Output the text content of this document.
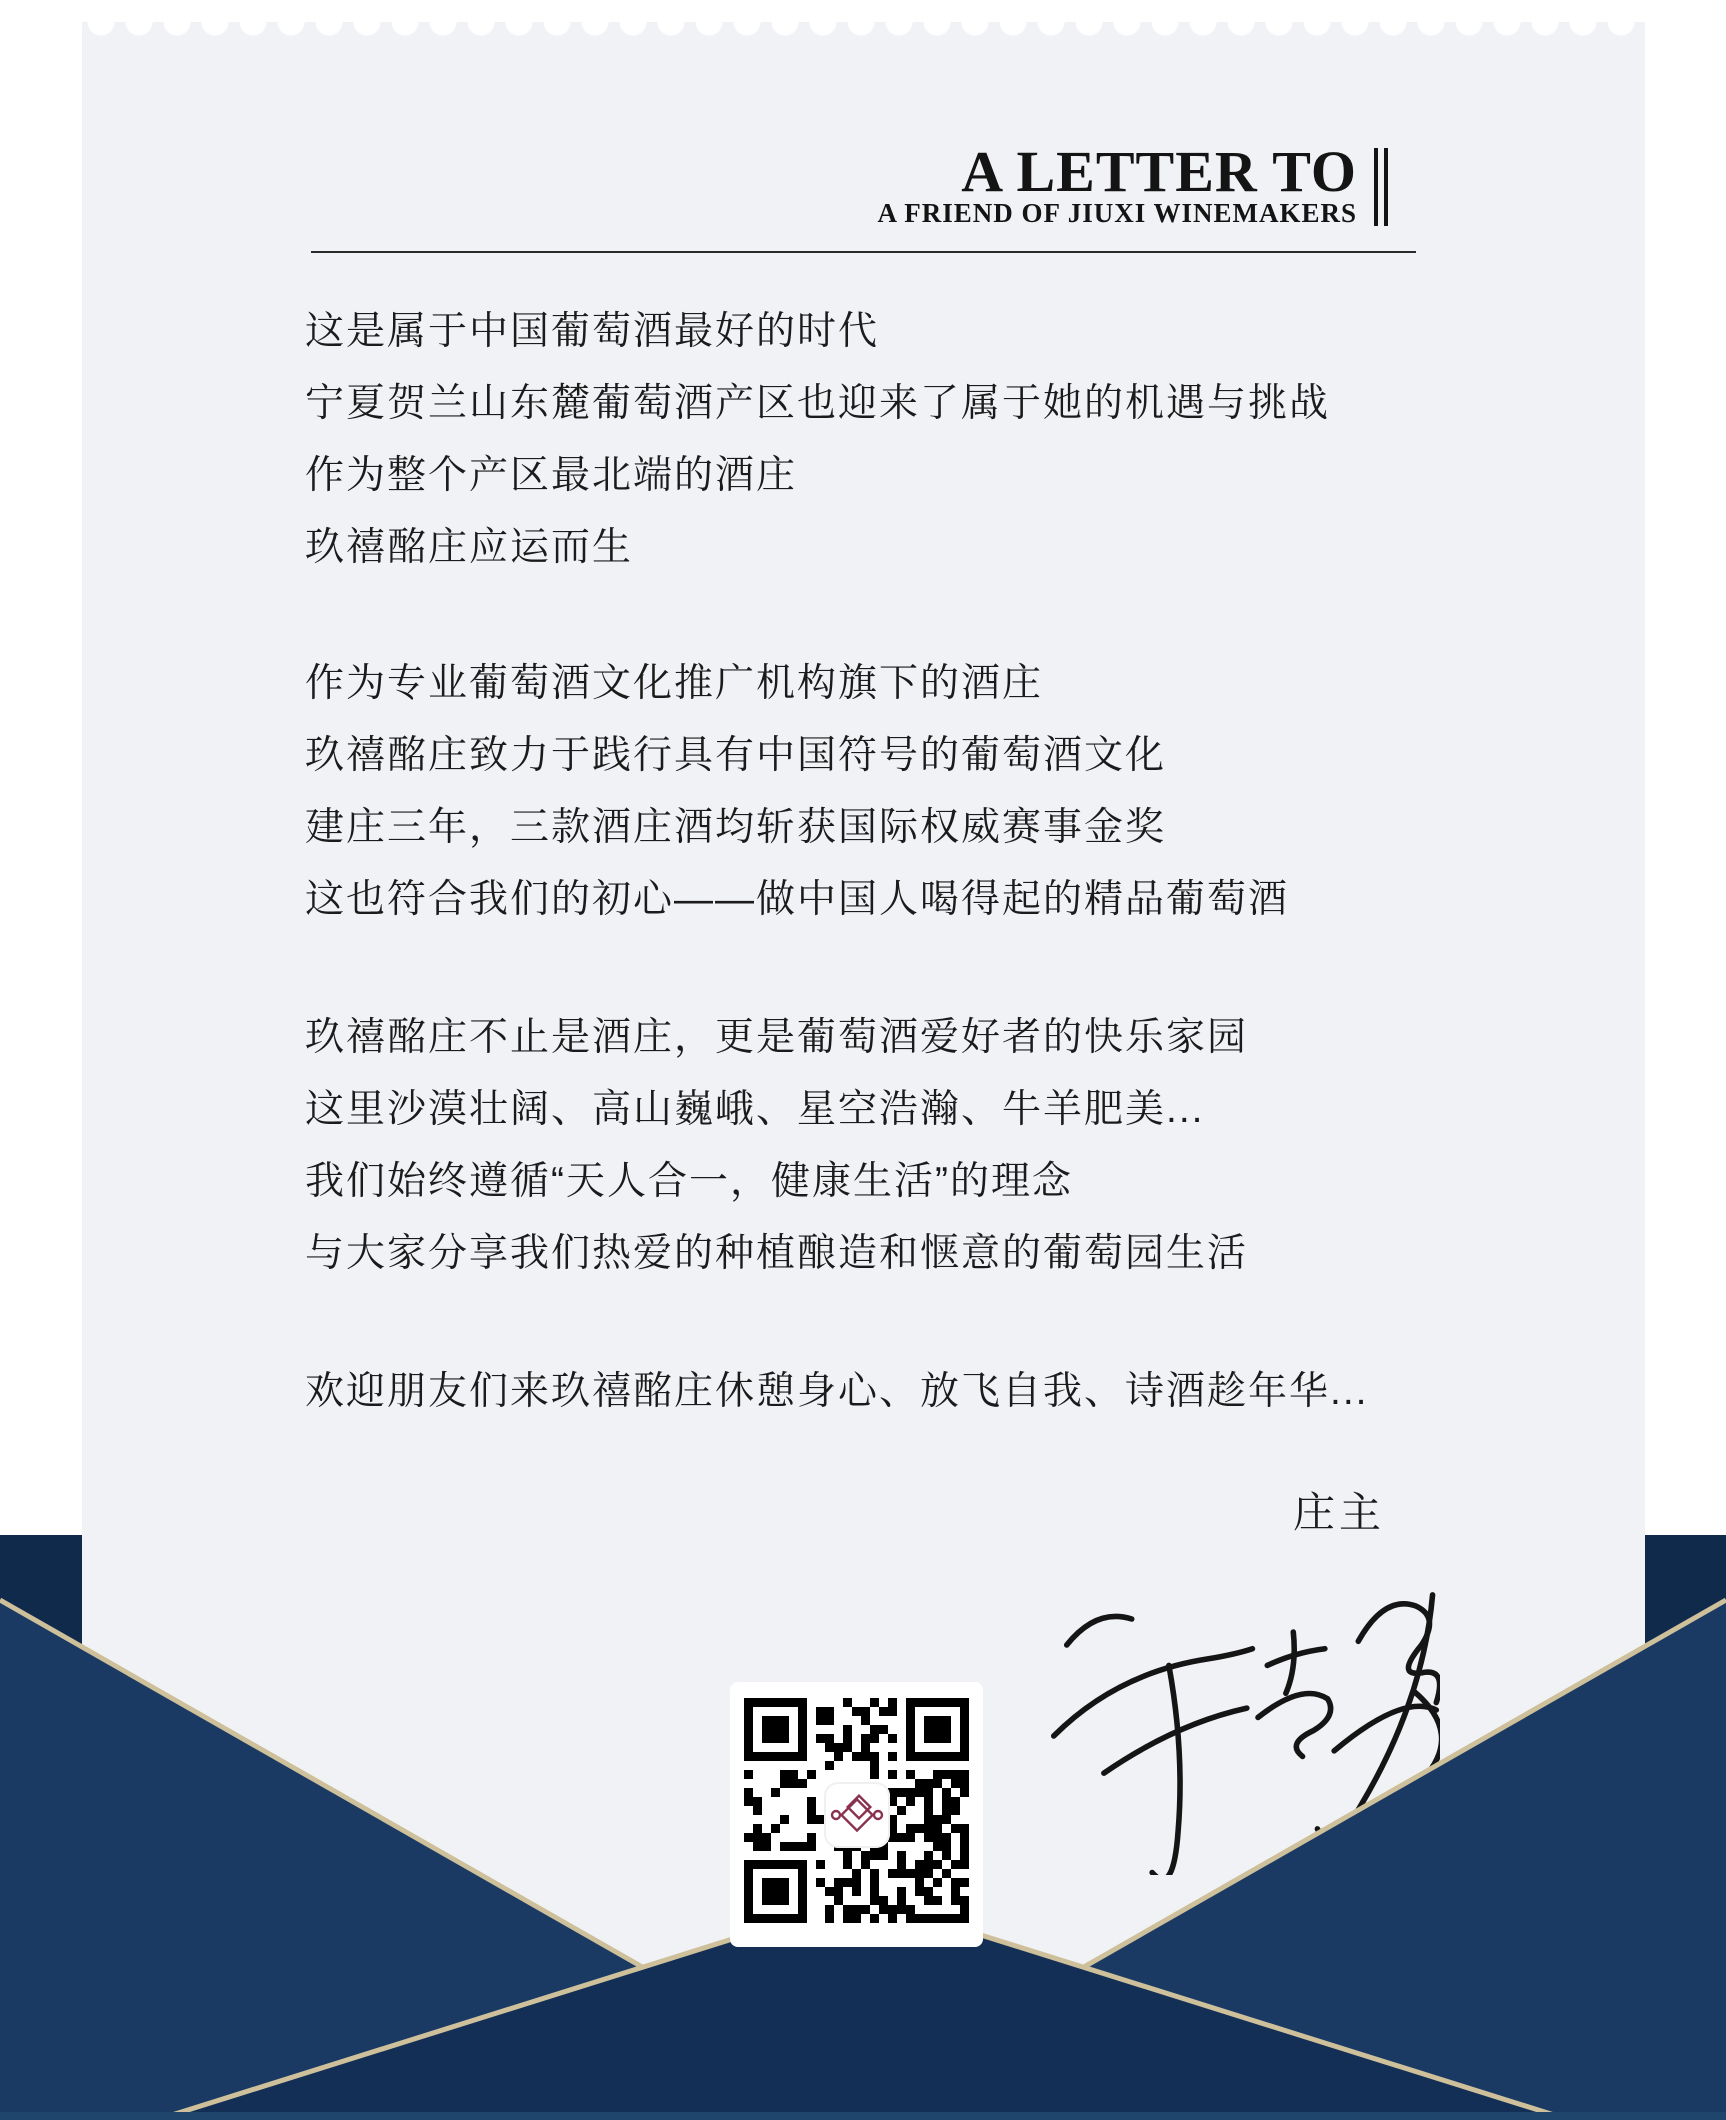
A LETTER TO
A FRIEND OF JIUXI WINEMAKERS
这是属于中国葡萄酒最好的时代
宁夏贺兰山东麓葡萄酒产区也迎来了属于她的机遇与挑战
作为整个产区最北端的酒庄
玖禧酩庄应运而生
作为专业葡萄酒文化推广机构旗下的酒庄
玖禧酩庄致力于践行具有中国符号的葡萄酒文化
建庄三年，三款酒庄酒均斩获国际权威赛事金奖
这也符合我们的初心——做中国人喝得起的精品葡萄酒
玖禧酩庄不止是酒庄，更是葡萄酒爱好者的快乐家园
这里沙漠壮阔、高山巍峨、星空浩瀚、牛羊肥美...
我们始终遵循“天人合一，健康生活”的理念
与大家分享我们热爱的种植酿造和惬意的葡萄园生活
欢迎朋友们来玖禧酩庄休憩身心、放飞自我、诗酒趁年华...
庄主
